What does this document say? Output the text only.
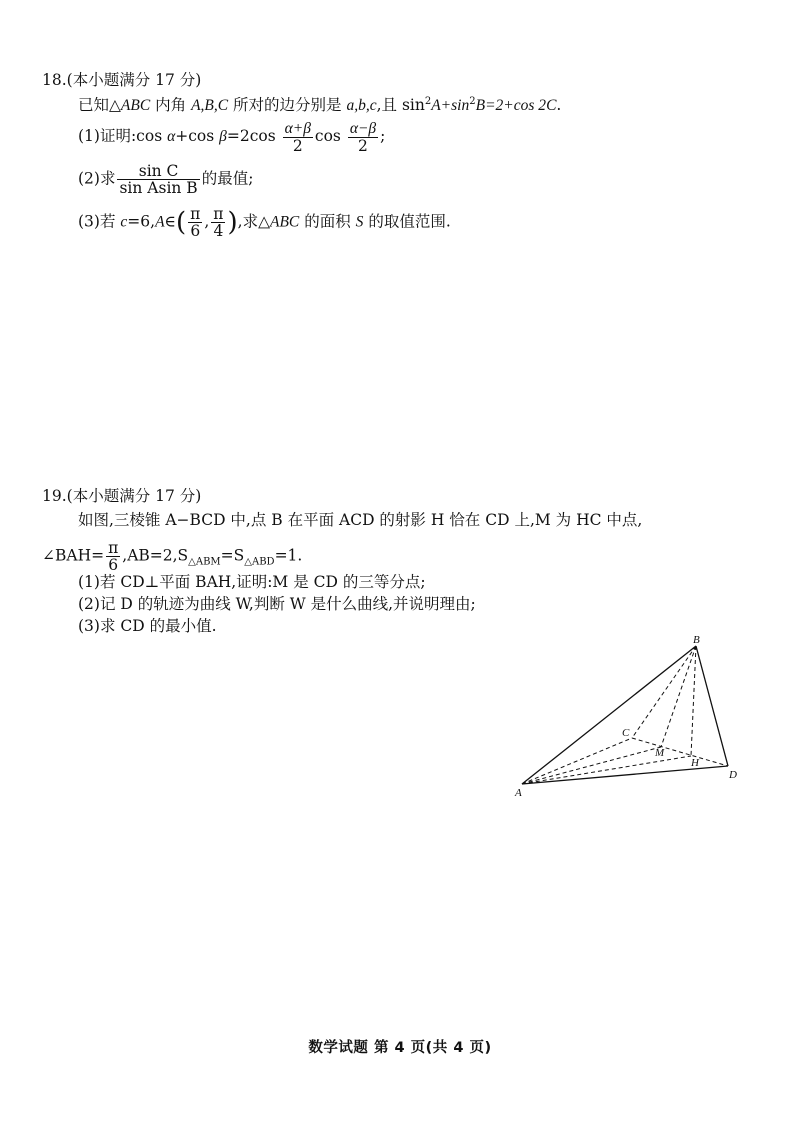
18.(本小题满分 17 分)
已知△ABC 内角 A,B,C 所对的边分别是 a,b,c,且 $\sin^2A+\sin^2B=2+\cos$ 2C.
(1)证明:cos α+cos $\beta=2\cos \frac{\alpha+\beta}{2}$ $\cos \frac{\alpha-\beta}{2}$ ;
(2)求 $\frac{\text{sin C}}{\text{sin Asin B}}$ 的最值;
(3)若 c=6,A∈( $\frac{\pi}{6}$ , $\frac{\pi}{4}$ ),求△ABC 的面积 S 的取值范围.
19.(本小题满分 17 分)
如图,三棱锥 A−BCD 中,点 B 在平面 ACD 的射影 H 恰在 CD 上,M 为 HC 中点,
∠BAH= $\frac{\pi}{6} ,AB=2,S_{\triangle ABM}=S_{\triangle ABD}=1$.
(1)若 CD⊥平面 BAH,证明:M 是 CD 的三等分点;
(2)记 D 的轨迹为曲线 W,判断 W 是什么曲线,并说明理由;
(3)求 CD 的最小值.
B
C
M
H
D
A
数学试题 第 4 页(共 4 页)
